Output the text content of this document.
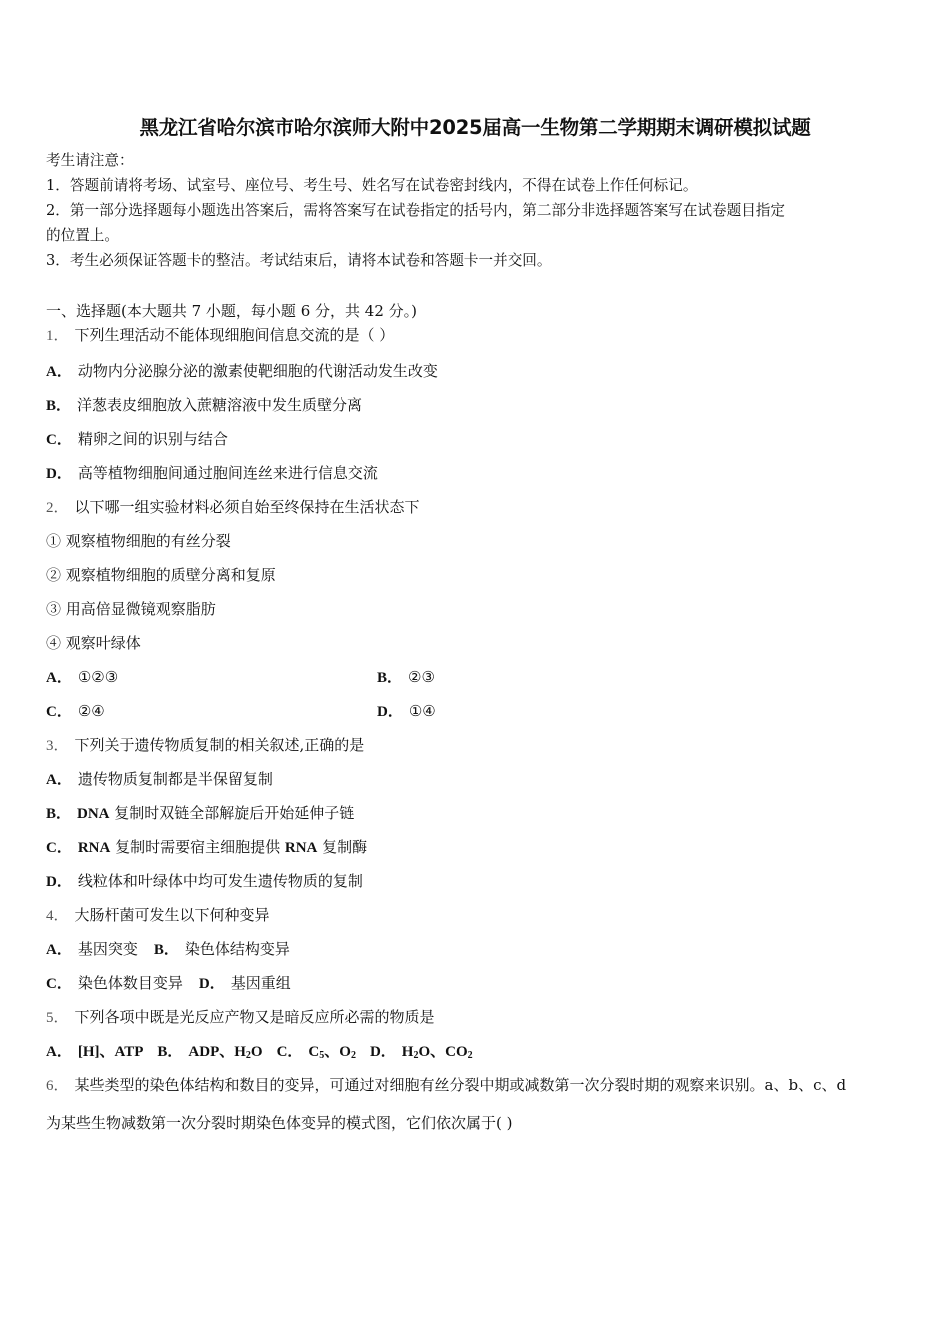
黑龙江省哈尔滨市哈尔滨师大附中2025届高一生物第二学期期末调研模拟试题
考生请注意：
1．答题前请将考场、试室号、座位号、考生号、姓名写在试卷密封线内，不得在试卷上作任何标记。
2．第一部分选择题每小题选出答案后，需将答案写在试卷指定的括号内，第二部分非选择题答案写在试卷题目指定
的位置上。
3．考生必须保证答题卡的整洁。考试结束后，请将本试卷和答题卡一并交回。
一、选择题(本大题共 7 小题，每小题 6 分，共 42 分。)
1． 下列生理活动不能体现细胞间信息交流的是（ ）
A． 动物内分泌腺分泌的激素使靶细胞的代谢活动发生改变
B． 洋葱表皮细胞放入蔗糖溶液中发生质壁分离
C． 精卵之间的识别与结合
D． 高等植物细胞间通过胞间连丝来进行信息交流
2． 以下哪一组实验材料必须自始至终保持在生活状态下
① 观察植物细胞的有丝分裂
② 观察植物细胞的质壁分离和复原
③ 用高倍显微镜观察脂肪
④ 观察叶绿体
A． ①②③	B． ②③
C． ②④	D． ①④
3． 下列关于遗传物质复制的相关叙述,正确的是
A． 遗传物质复制都是半保留复制
B． DNA 复制时双链全部解旋后开始延伸子链
C． RNA 复制时需要宿主细胞提供 RNA 复制酶
D． 线粒体和叶绿体中均可发生遗传物质的复制
4． 大肠杆菌可发生以下何种变异
A． 基因突变 B． 染色体结构变异
C． 染色体数目变异 D． 基因重组
5． 下列各项中既是光反应产物又是暗反应所必需的物质是
A． [H]、ATP B． ADP、$H_2O$ C． $C_5$、$O_2$ D． $H_2O$、$CO_2$
6． 某些类型的染色体结构和数目的变异，可通过对细胞有丝分裂中期或减数第一次分裂时期的观察来识别。a、b、c、d
为某些生物减数第一次分裂时期染色体变异的模式图，它们依次属于( )
